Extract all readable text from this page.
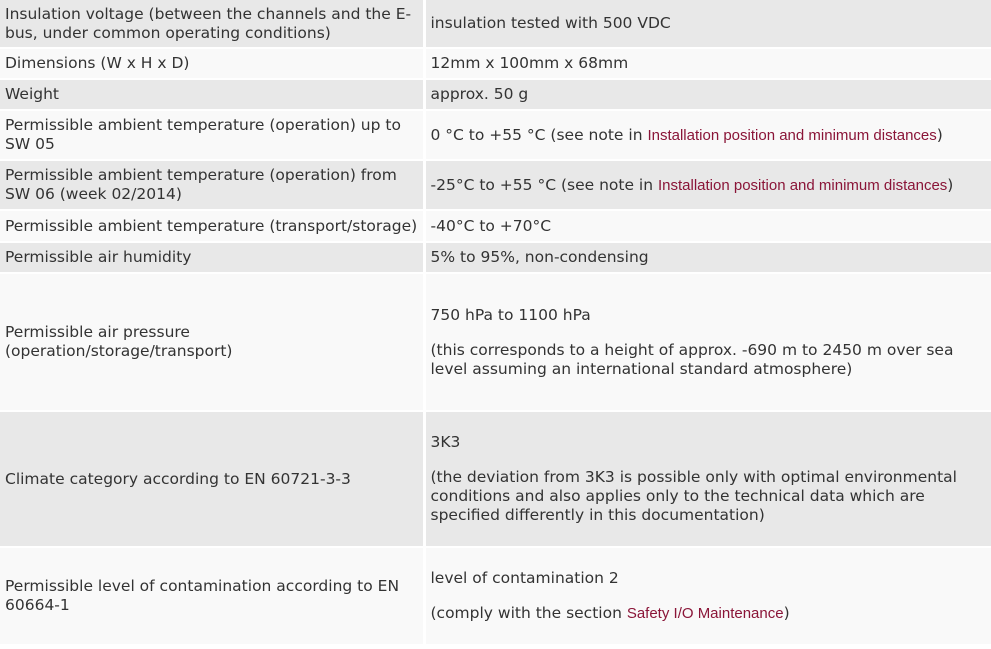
Insulation voltage (between the channels and the E-bus, under common operating conditions)	insulation tested with 500 VDC
Dimensions (W x H x D)	12mm x 100mm x 68mm
Weight	approx. 50 g
Permissible ambient temperature (operation) up to SW 05	0 °C to +55 °C (see note in Installation position and minimum distances)
Permissible ambient temperature (operation) from SW 06 (week 02/2014)	-25°C to +55 °C (see note in Installation position and minimum distances)
Permissible ambient temperature (transport/storage)	-40°C to +70°C
Permissible air humidity	5% to 95%, non-condensing
Permissible air pressure (operation/storage/transport)	750 hPa to 1100 hPa

(this corresponds to a height of approx. -690 m to 2450 m over sea level assuming an international standard atmosphere)

Climate category according to EN 60721-3-3	3K3

(the deviation from 3K3 is possible only with optimal environmental conditions and also applies only to the technical data which are specified differently in this documentation)

Permissible level of contamination according to EN 60664-1	level of contamination 2

(comply with the section Safety I/O Maintenance)
